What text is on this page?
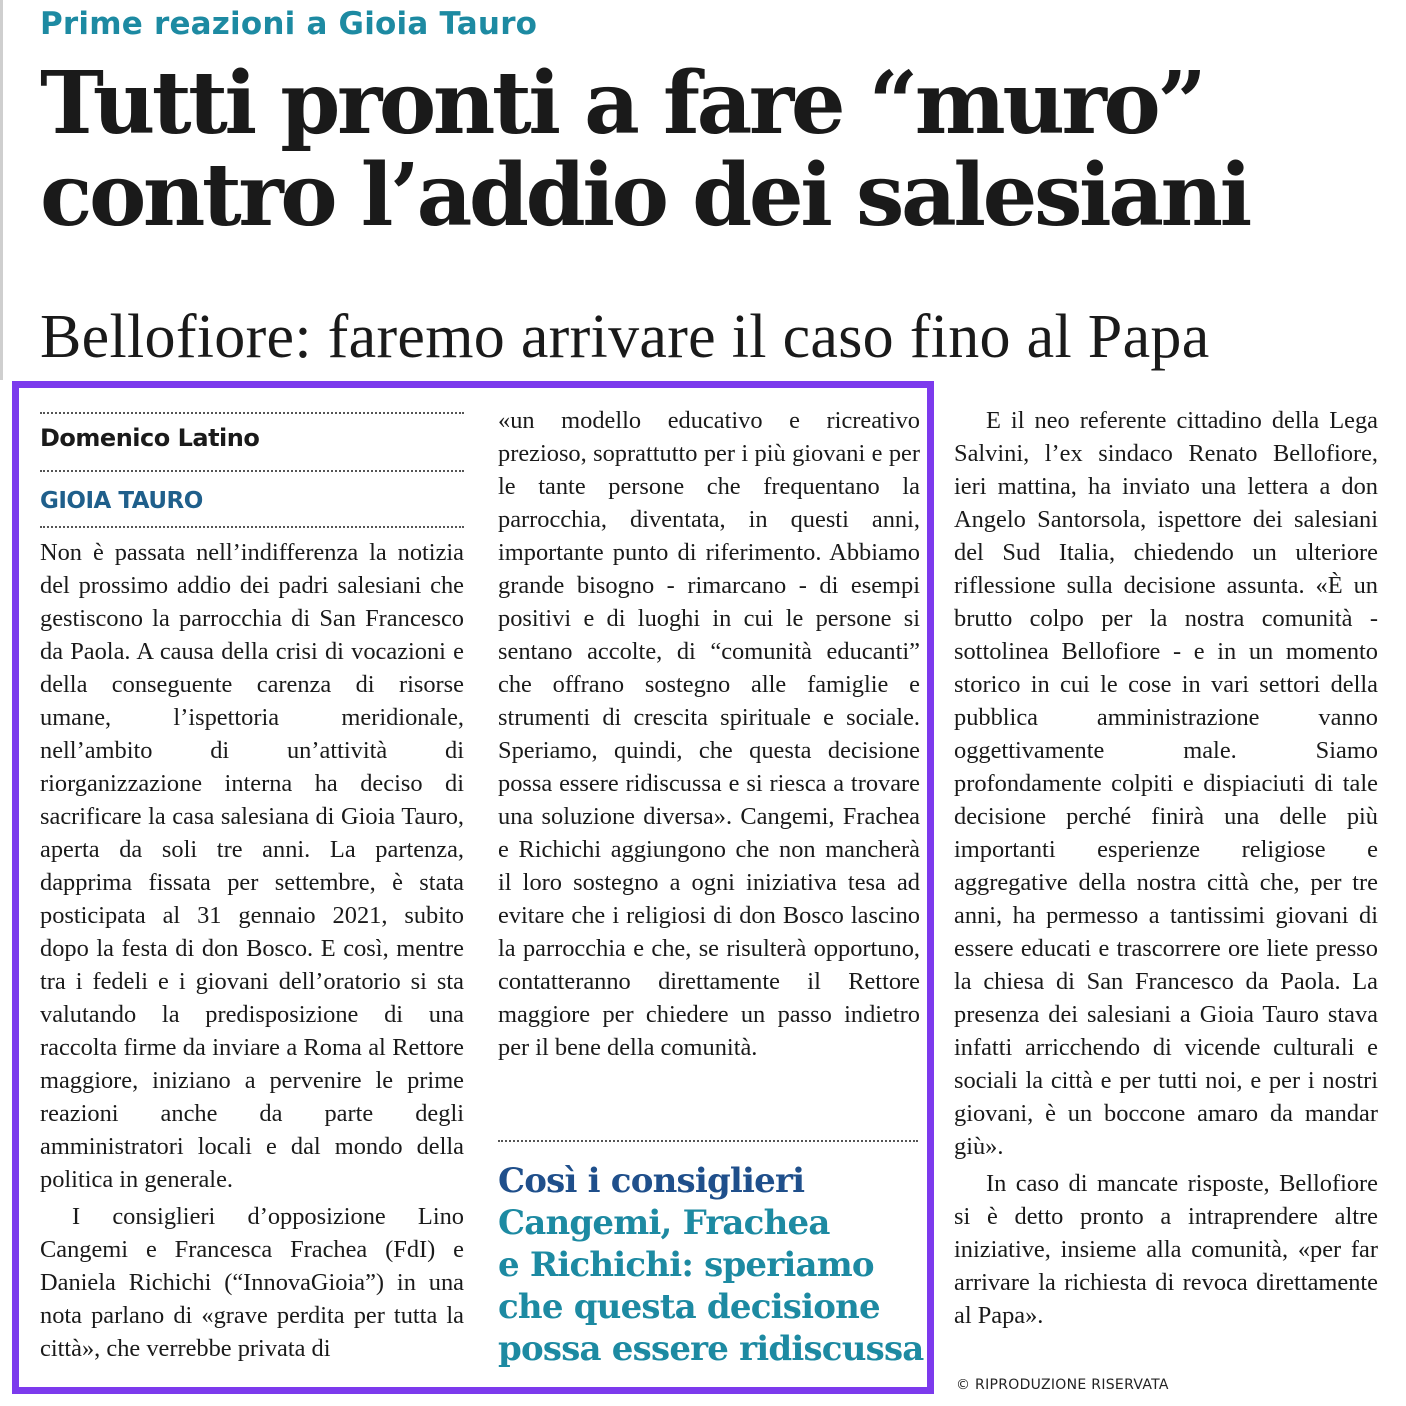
Prime reazioni a Gioia Tauro
Tutti pronti a fare “muro”
contro l’addio dei salesiani
Bellofiore: faremo arrivare il caso fino al Papa
Domenico Latino
GIOIA TAURO

Non è passata nell’indifferenza la notizia del prossimo addio dei padri salesiani che gestiscono la parrocchia di San Francesco da Paola. A causa della crisi di vocazioni e della conseguente carenza di risorse umane, l’ispettoria meridionale, nell’ambito di un’attività di riorganizzazione interna ha deciso di sacrificare la casa salesiana di Gioia Tauro, aperta da soli tre anni. La partenza, dapprima fissata per settembre, è stata posticipata al 31 gennaio 2021, subito dopo la festa di don Bosco. E così, mentre tra i fedeli e i giovani dell’oratorio si sta valutando la predisposizione di una raccolta firme da inviare a Roma al Rettore maggiore, iniziano a pervenire le prime reazioni anche da parte degli amministratori locali e dal mondo della politica in generale.

I consiglieri d’opposizione Lino Cangemi e Francesca Frachea (FdI) e Daniela Richichi (“InnovaGioia”) in una nota parlano di «grave perdita per tutta la città», che verrebbe privata di

«un modello educativo e ricreativo prezioso, soprattutto per i più giovani e per le tante persone che frequentano la parrocchia, diventata, in questi anni, importante punto di riferimento. Abbiamo grande bisogno - rimarcano - di esempi positivi e di luoghi in cui le persone si sentano accolte, di “comunità educanti” che offrano sostegno alle famiglie e strumenti di crescita spirituale e sociale. Speriamo, quindi, che questa decisione possa essere ridiscussa e si riesca a trovare una soluzione diversa». Cangemi, Frachea e Richichi aggiungono che non mancherà il loro sostegno a ogni iniziativa tesa ad evitare che i religiosi di don Bosco lascino la parrocchia e che, se risulterà opportuno, contatteranno direttamente il Rettore maggiore per chiedere un passo indietro per il bene della comunità.

Così i consiglieri
Cangemi, Frachea
e Richichi: speriamo
che questa decisione
possa essere ridiscussa

E il neo referente cittadino della Lega Salvini, l’ex sindaco Renato Bellofiore, ieri mattina, ha inviato una lettera a don Angelo Santorsola, ispettore dei salesiani del Sud Italia, chiedendo un ulteriore riflessione sulla decisione assunta. «È un brutto colpo per la nostra comunità - sottolinea Bellofiore - e in un momento storico in cui le cose in vari settori della pubblica amministrazione vanno oggettivamente male. Siamo profondamente colpiti e dispiaciuti di tale decisione perché finirà una delle più importanti esperienze religiose e aggregative della nostra città che, per tre anni, ha permesso a tantissimi giovani di essere educati e trascorrere ore liete presso la chiesa di San Francesco da Paola. La presenza dei salesiani a Gioia Tauro stava infatti arricchendo di vicende culturali e sociali la città e per tutti noi, e per i nostri giovani, è un boccone amaro da mandar giù».

In caso di mancate risposte, Bellofiore si è detto pronto a intraprendere altre iniziative, insieme alla comunità, «per far arrivare la richiesta di revoca direttamente al Papa».

© RIPRODUZIONE RISERVATA
